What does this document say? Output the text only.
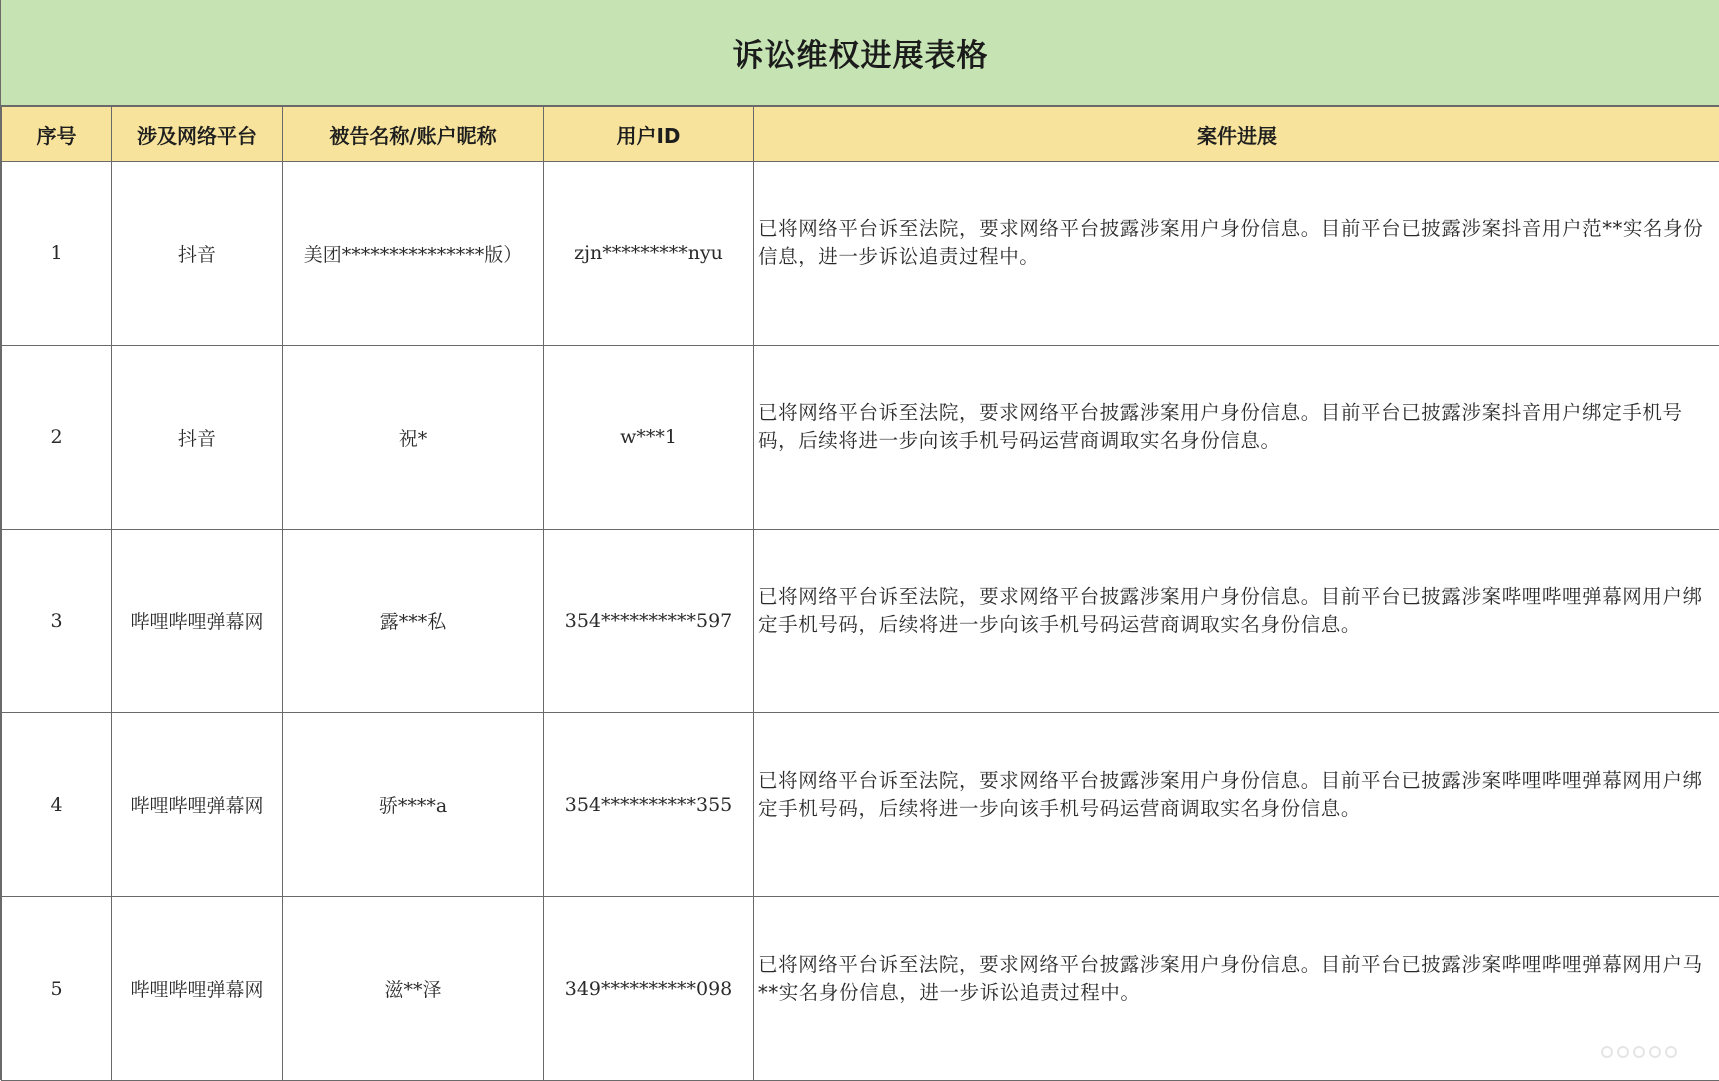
诉讼维权进展表格
序号	涉及网络平台	被告名称/账户昵称	用户ID	案件进展
1	抖音	美团***************版）	zjn*********nyu	已将网络平台诉至法院，要求网络平台披露涉案用户身份信息。目前平台已披露涉案抖音用户范**实名身份信息，进一步诉讼追责过程中。

2	抖音	祝*	w***1	已将网络平台诉至法院，要求网络平台披露涉案用户身份信息。目前平台已披露涉案抖音用户绑定手机号码，后续将进一步向该手机号码运营商调取实名身份信息。

3	哔哩哔哩弹幕网	露***私	354**********597	已将网络平台诉至法院，要求网络平台披露涉案用户身份信息。目前平台已披露涉案哔哩哔哩弹幕网用户绑定手机号码，后续将进一步向该手机号码运营商调取实名身份信息。

4	哔哩哔哩弹幕网	骄****a	354**********355	已将网络平台诉至法院，要求网络平台披露涉案用户身份信息。目前平台已披露涉案哔哩哔哩弹幕网用户绑定手机号码，后续将进一步向该手机号码运营商调取实名身份信息。

5	哔哩哔哩弹幕网	滋**泽	349**********098	已将网络平台诉至法院，要求网络平台披露涉案用户身份信息。目前平台已披露涉案哔哩哔哩弹幕网用户马**实名身份信息，进一步诉讼追责过程中。
